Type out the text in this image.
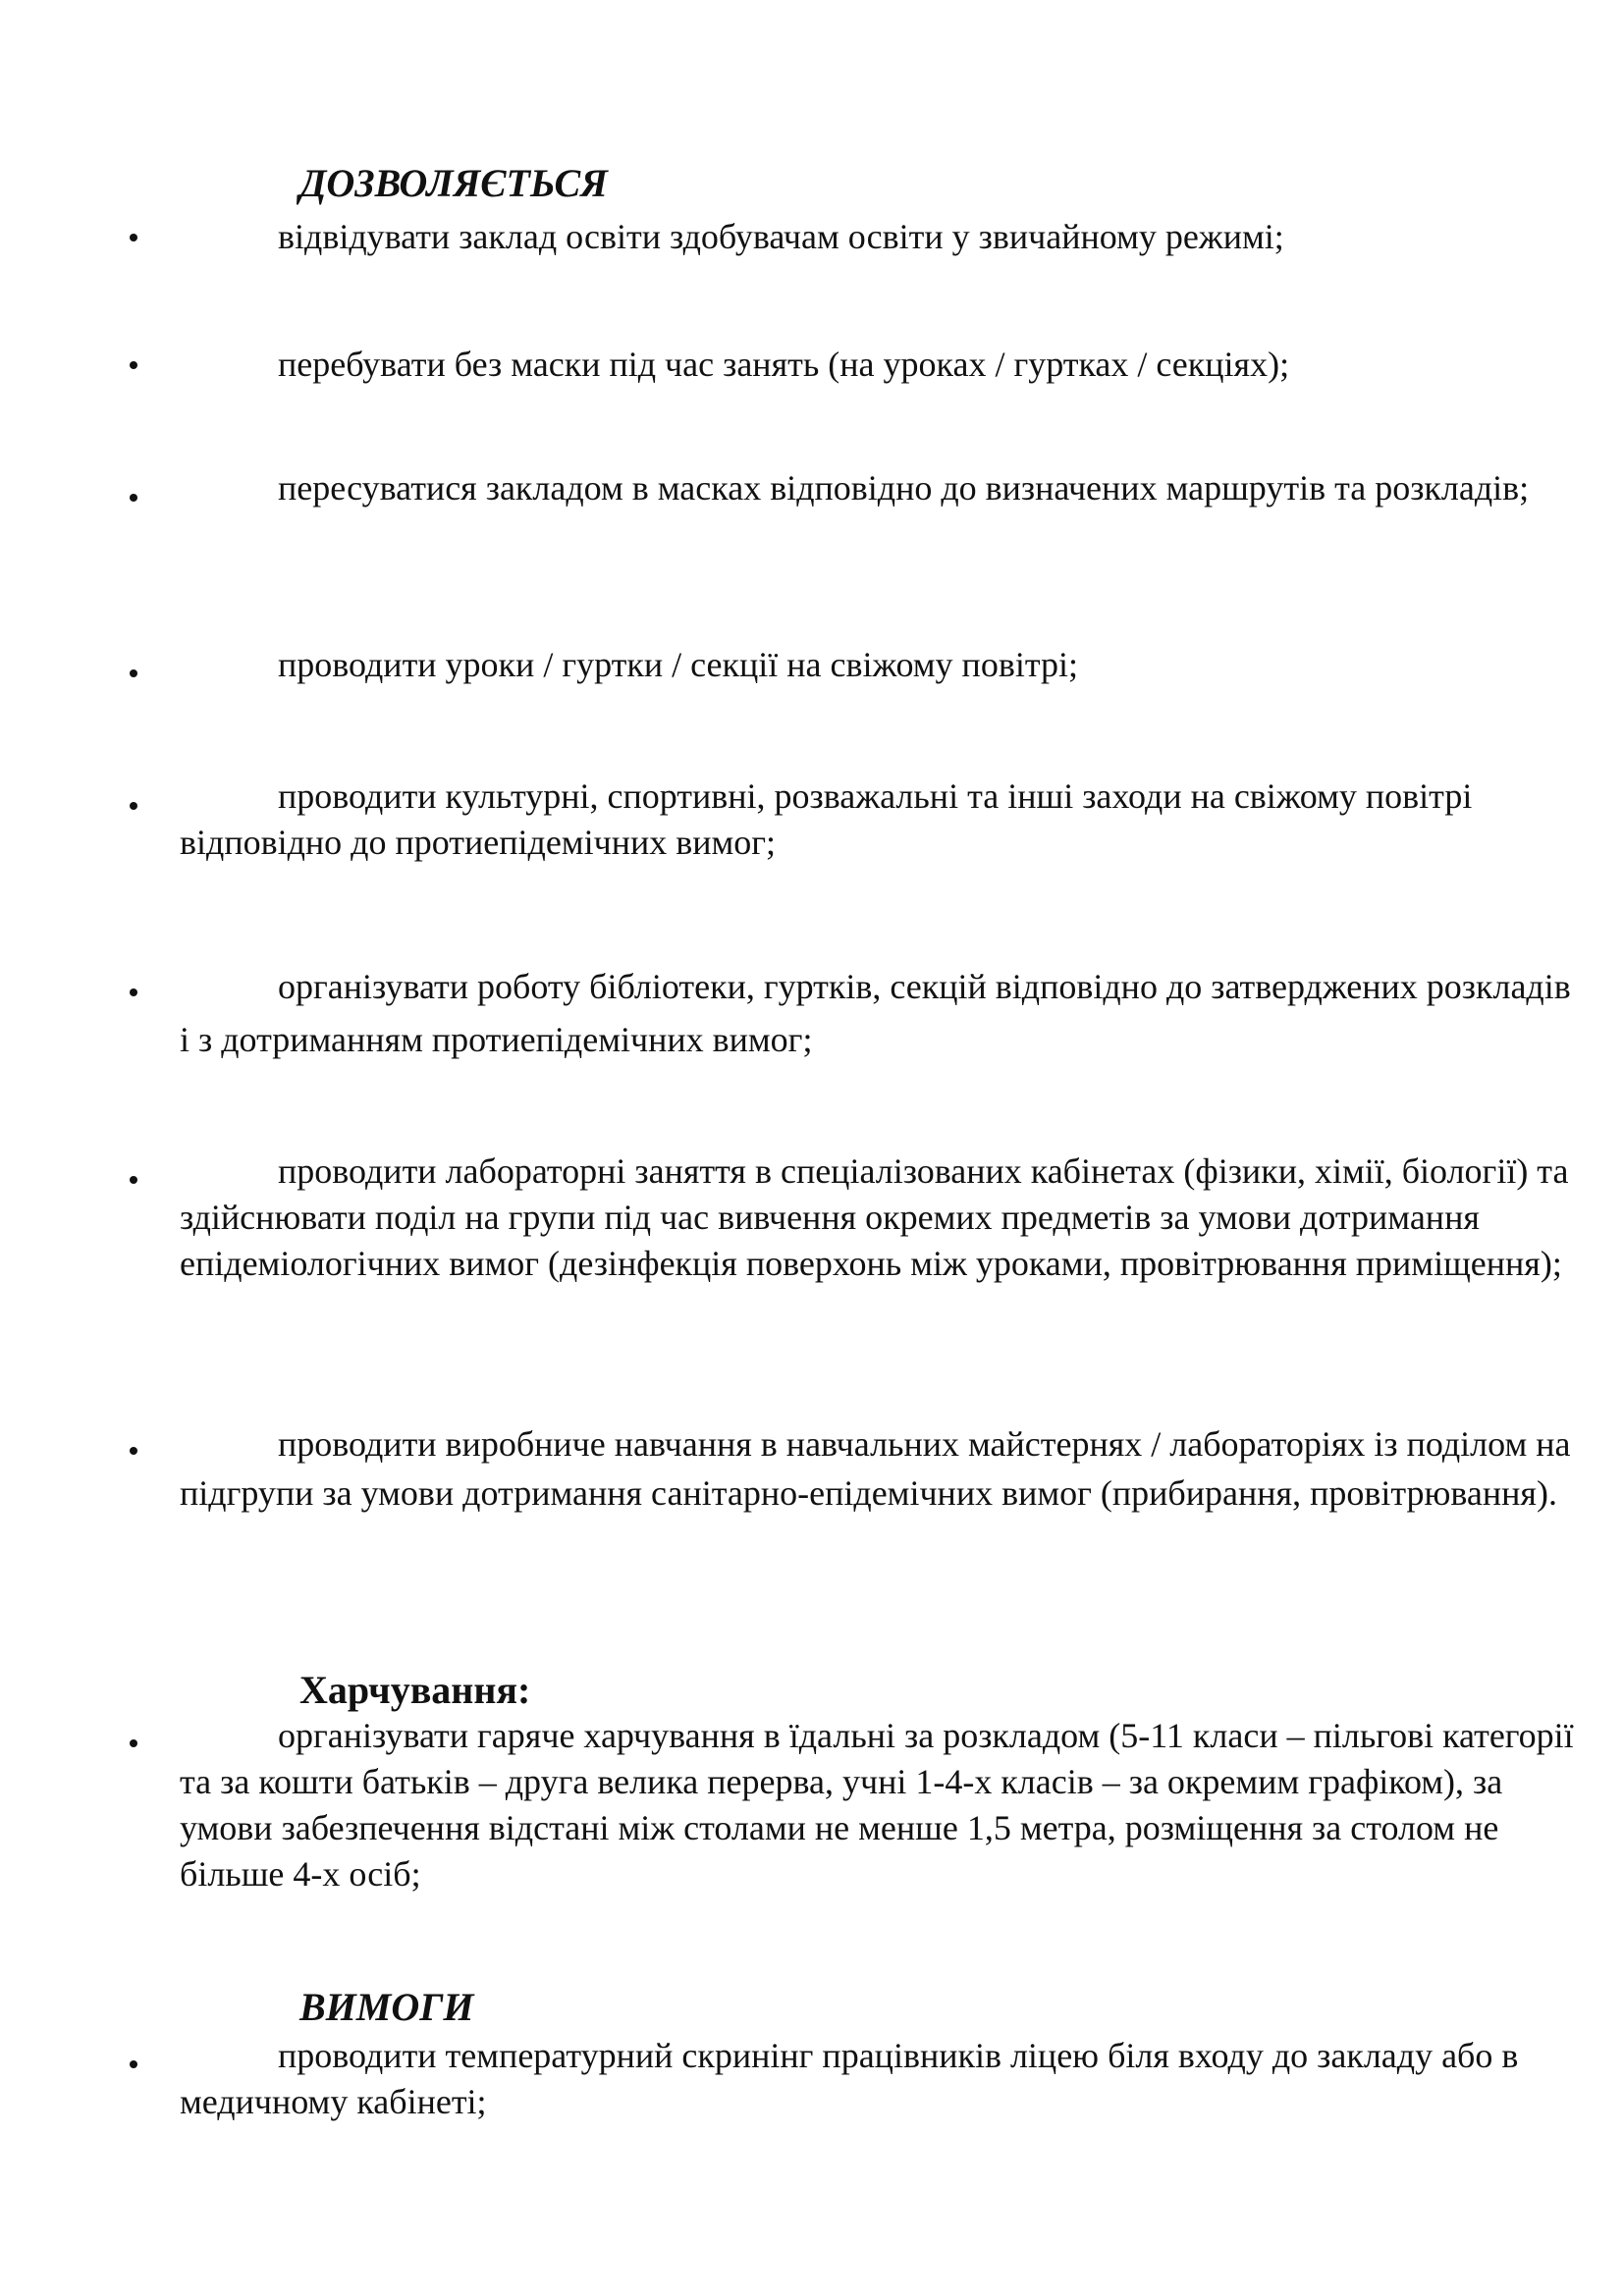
ДОЗВОЛЯЄТЬСЯ
відвідувати заклад освіти здобувачам освіти у звичайному режимі;
перебувати без маски під час занять (на уроках / гуртках / секціях);
пересуватися закладом в масках відповідно до визначених маршрутів та розкладів;
проводити уроки / гуртки / секції на свіжому повітрі;
проводити культурні, спортивні, розважальні та інші заходи на свіжому повітрі відповідно до протиепідемічних вимог;
організувати роботу бібліотеки, гуртків, секцій відповідно до затверджених розкладів і з дотриманням протиепідемічних вимог;
проводити лабораторні заняття в спеціалізованих кабінетах (фізики, хімії, біології) та здійснювати поділ на групи під час вивчення окремих предметів за умови дотримання епідеміологічних вимог (дезінфекція поверхонь між уроками, провітрювання приміщення);
проводити виробниче навчання в навчальних майстернях / лабораторіях із поділом на підгрупи за умови дотримання санітарно-епідемічних вимог (прибирання, провітрювання).
Харчування:
організувати гаряче харчування в їдальні за розкладом (5-11 класи – пільгові категорії та за кошти батьків – друга велика перерва, учні 1-4-х класів – за окремим графіком), за умови забезпечення відстані між столами не менше 1,5 метра, розміщення за столом не більше 4-х осіб;
ВИМОГИ
проводити температурний скринінг працівників ліцею біля входу до закладу або в медичному кабінеті;
